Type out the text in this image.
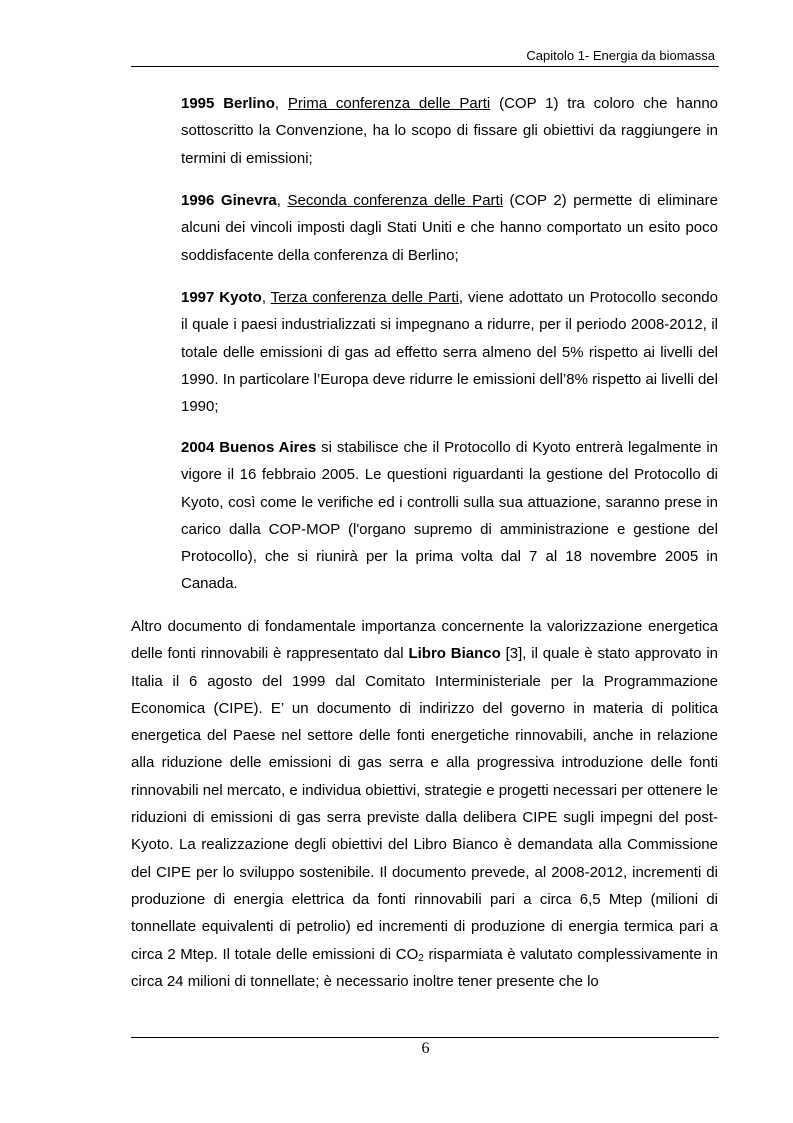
Capitolo 1- Energia da biomassa
1995 Berlino, Prima conferenza delle Parti (COP 1) tra coloro che hanno sottoscritto la Convenzione, ha lo scopo di fissare gli obiettivi da raggiungere in termini di emissioni;
1996 Ginevra, Seconda conferenza delle Parti (COP 2) permette di eliminare alcuni dei vincoli imposti dagli Stati Uniti e che hanno comportato un esito poco soddisfacente della conferenza di Berlino;
1997 Kyoto, Terza conferenza delle Parti, viene adottato un Protocollo secondo il quale i paesi industrializzati si impegnano a ridurre, per il periodo 2008-2012, il totale delle emissioni di gas ad effetto serra almeno del 5% rispetto ai livelli del 1990. In particolare l’Europa deve ridurre le emissioni dell’8% rispetto ai livelli del 1990;
2004 Buenos Aires si stabilisce che il Protocollo di Kyoto entrerà legalmente in vigore il 16 febbraio 2005. Le questioni riguardanti la gestione del Protocollo di Kyoto, così come le verifiche ed i controlli sulla sua attuazione, saranno prese in carico dalla COP-MOP (l'organo supremo di amministrazione e gestione del Protocollo), che si riunirà per la prima volta dal 7 al 18 novembre 2005 in Canada.
Altro documento di fondamentale importanza concernente la valorizzazione energetica delle fonti rinnovabili è rappresentato dal Libro Bianco [3], il quale è stato approvato in Italia il 6 agosto del 1999 dal Comitato Interministeriale per la Programmazione Economica (CIPE). E’ un documento di indirizzo del governo in materia di politica energetica del Paese nel settore delle fonti energetiche rinnovabili, anche in relazione alla riduzione delle emissioni di gas serra e alla progressiva introduzione delle fonti rinnovabili nel mercato, e individua obiettivi, strategie e progetti necessari per ottenere le riduzioni di emissioni di gas serra previste dalla delibera CIPE sugli impegni del post-Kyoto. La realizzazione degli obiettivi del Libro Bianco è demandata alla Commissione del CIPE per lo sviluppo sostenibile. Il documento prevede, al 2008-2012, incrementi di produzione di energia elettrica da fonti rinnovabili pari a circa 6,5 Mtep (milioni di tonnellate equivalenti di petrolio) ed incrementi di produzione di energia termica pari a circa 2 Mtep. Il totale delle emissioni di $CO_2$ risparmiata è valutato complessivamente in circa 24 milioni di tonnellate; è necessario inoltre tener presente che lo
6
